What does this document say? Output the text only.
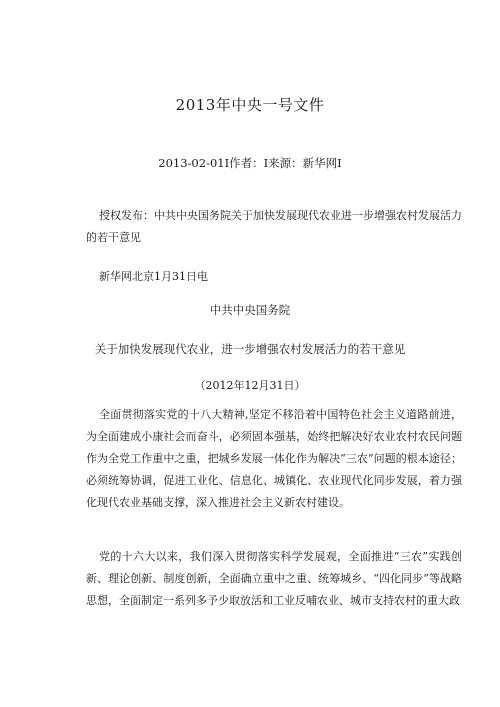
2013年中央一号文件
2013-02-01I作者：I来源：新华网I

授权发布：中共中央国务院关于加快发展现代农业进一步增强农村发展活力的若干意见

新华网北京1月31日电

中共中央国务院
关于加快发展现代农业，进一步增强农村发展活力的若干意见
（2012年12月31日）

全面贯彻落实党的十八大精神,坚定不移沿着中国特色社会主义道路前进，为全面建成小康社会而奋斗，必须固本强基，始终把解决好农业农村农民问题作为全党工作重中之重，把城乡发展一体化作为解决“三农”问题的根本途径；必须统筹协调，促进工业化、信息化、城镇化、农业现代化同步发展，着力强化现代农业基础支撑，深入推进社会主义新农村建设。

党的十六大以来，我们深入贯彻落实科学发展观，全面推进“三农”实践创新、理论创新、制度创新，全面确立重中之重、统筹城乡、“四化同步”等战略思想，全面制定一系列多予少取放活和工业反哺农业、城市支持农村的重大政
